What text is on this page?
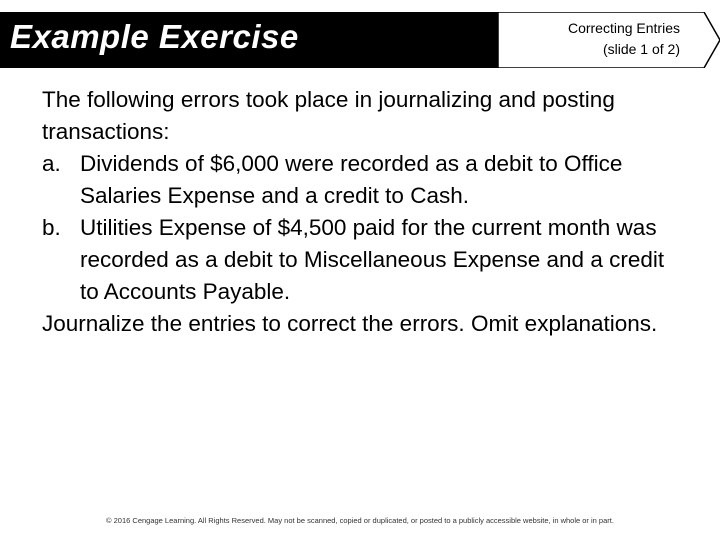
Example Exercise	Correcting Entries
(slide 1 of 2)

The following errors took place in journalizing and posting transactions:

a. Dividends of $6,000 were recorded as a debit to Office Salaries Expense and a credit to Cash.
b. Utilities Expense of $4,500 paid for the current month was recorded as a debit to Miscellaneous Expense and a credit to Accounts Payable.

Journalize the entries to correct the errors. Omit explanations.

© 2016 Cengage Learning. All Rights Reserved. May not be scanned, copied or duplicated, or posted to a publicly accessible website, in whole or in part.
